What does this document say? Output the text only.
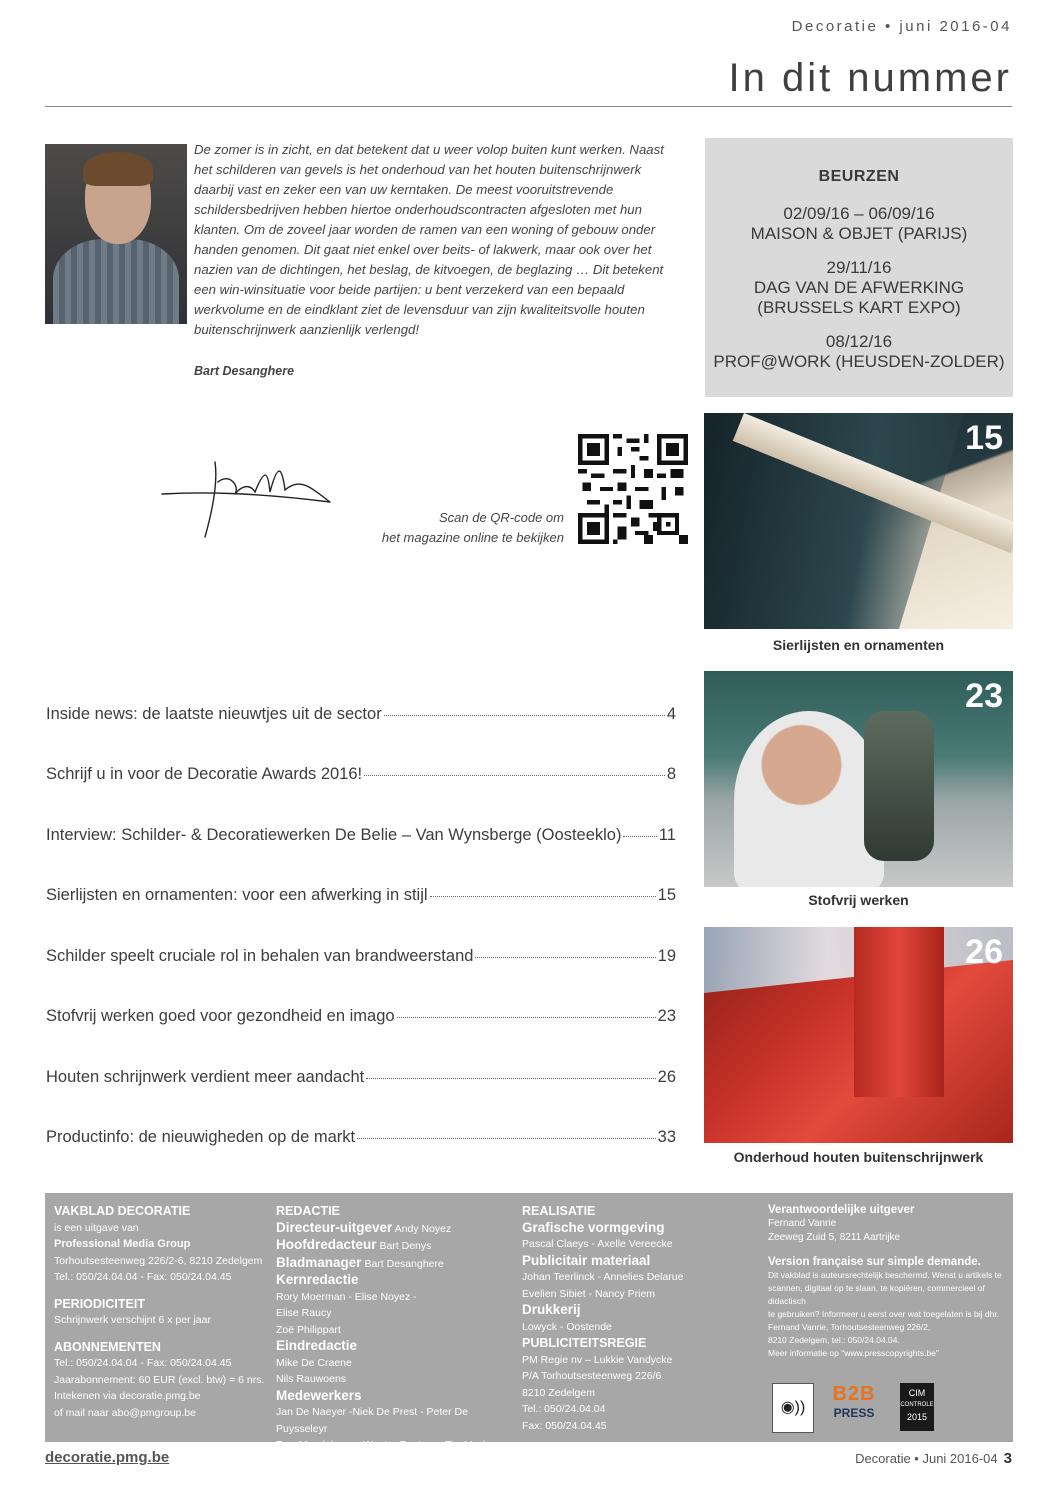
Decoratie • juni 2016-04
In dit nummer

De zomer is in zicht, en dat betekent dat u weer volop buiten kunt werken. Naast het schilderen van gevels is het onderhoud van het houten buitenschrijnwerk daarbij vast en zeker een van uw kerntaken. De meest vooruitstrevende schildersbedrijven hebben hiertoe onderhoudscontracten afgesloten met hun klanten. Om de zoveel jaar worden de ramen van een woning of gebouw onder handen genomen. Dit gaat niet enkel over beits- of lakwerk, maar ook over het nazien van de dichtingen, het beslag, de kitvoegen, de beglazing … Dit betekent een win-winsituatie voor beide partijen: u bent verzekerd van een bepaald werkvolume en de eindklant ziet de levensduur van zijn kwaliteitsvolle houten buitenschrijnwerk aanzienlijk verlengd!

Bart Desanghere
Scan de QR-code om
het magazine online te bekijken
BEURZEN
02/09/16 – 06/09/16
MAISON & OBJET (PARIJS)
29/11/16
DAG VAN DE AFWERKING
(BRUSSELS KART EXPO)
08/12/16
PROF@WORK (HEUSDEN-ZOLDER)
15
Sierlijsten en ornamenten
23
Stofvrij werken
26
Onderhoud houten buitenschrijnwerk
Inside news: de laatste nieuwtjes uit de sector	4
Schrijf u in voor de Decoratie Awards 2016!	8
Interview: Schilder- & Decoratiewerken De Belie – Van Wynsberge (Oosteeklo) 11
Sierlijsten en ornamenten: voor een afwerking in stijl	15
Schilder speelt cruciale rol in behalen van brandweerstand	19
Stofvrij werken goed voor gezondheid en imago	23
Houten schrijnwerk verdient meer aandacht	26
Productinfo: de nieuwigheden op de markt	33
VAKBLAD DECORATIE
is een uitgave van
Professional Media Group
Torhoutsesteenweg 226/2-6, 8210 Zedelgem
Tel.: 050/24.04.04 - Fax: 050/24.04.45
PERIODICITEIT
Schrijnwerk verschijnt 6 x per jaar
ABONNEMENTEN
Tel.: 050/24.04.04 - Fax: 050/24.04.45
Jaarabonnement: 60 EUR (excl. btw) = 6 nrs.
Intekenen via decoratie.pmg.be
of mail naar abo@pmgroup.be
REDACTIE
Directeur-uitgever Andy Noyez
Hoofdredacteur Bart Denys
Bladmanager Bart Desanghere
Kernredactie
Rory Moerman - Elise Noyez -
Elise Raucy
Zoë Philippart
Eindredactie
Mike De Craene
Nils Rauwoens
Medewerkers
Jan De Naeyer -Niek De Prest - Peter De Puysseleyr
Tom Mondelaers - Wouter Peeters - Tim Vanhove
REALISATIE
Grafische vormgeving
Pascal Claeys - Axelle Vereecke
Publicitair materiaal
Johan Teerlinck - Annelies Delarue
Evelien Sibiet - Nancy Priem
Drukkerij
Lowyck - Oostende
PUBLICITEITSREGIE
PM Regie nv – Lukkie Vandycke
P/A Torhoutsesteenweg 226/6
8210 Zedelgem
Tel.: 050/24.04.04
Fax: 050/24.04.45
Verantwoordelijke uitgever
Fernand Vanrie
Zeeweg Zuid 5, 8211 Aartrijke
Version française sur simple demande.
Dit vakblad is auteursrechtelijk beschermd. Wenst u artikels te
scannen, digitaal op te slaan, te kopiëren, commercieel of didactisch
te gebruiken? Informeer u eerst over wat toegelaten is bij dhr.
Fernand Vanrie, Torhoutsesteenweg 226/2,
8210 Zedelgem, tel.: 050/24.04.04.
Meer informatie op "www.presscopyrights.be"
◉))
B2B
PRESS
CIM
CONTROLE
2015
decoratie.pmg.be	Decoratie • Juni 2016-04 3
